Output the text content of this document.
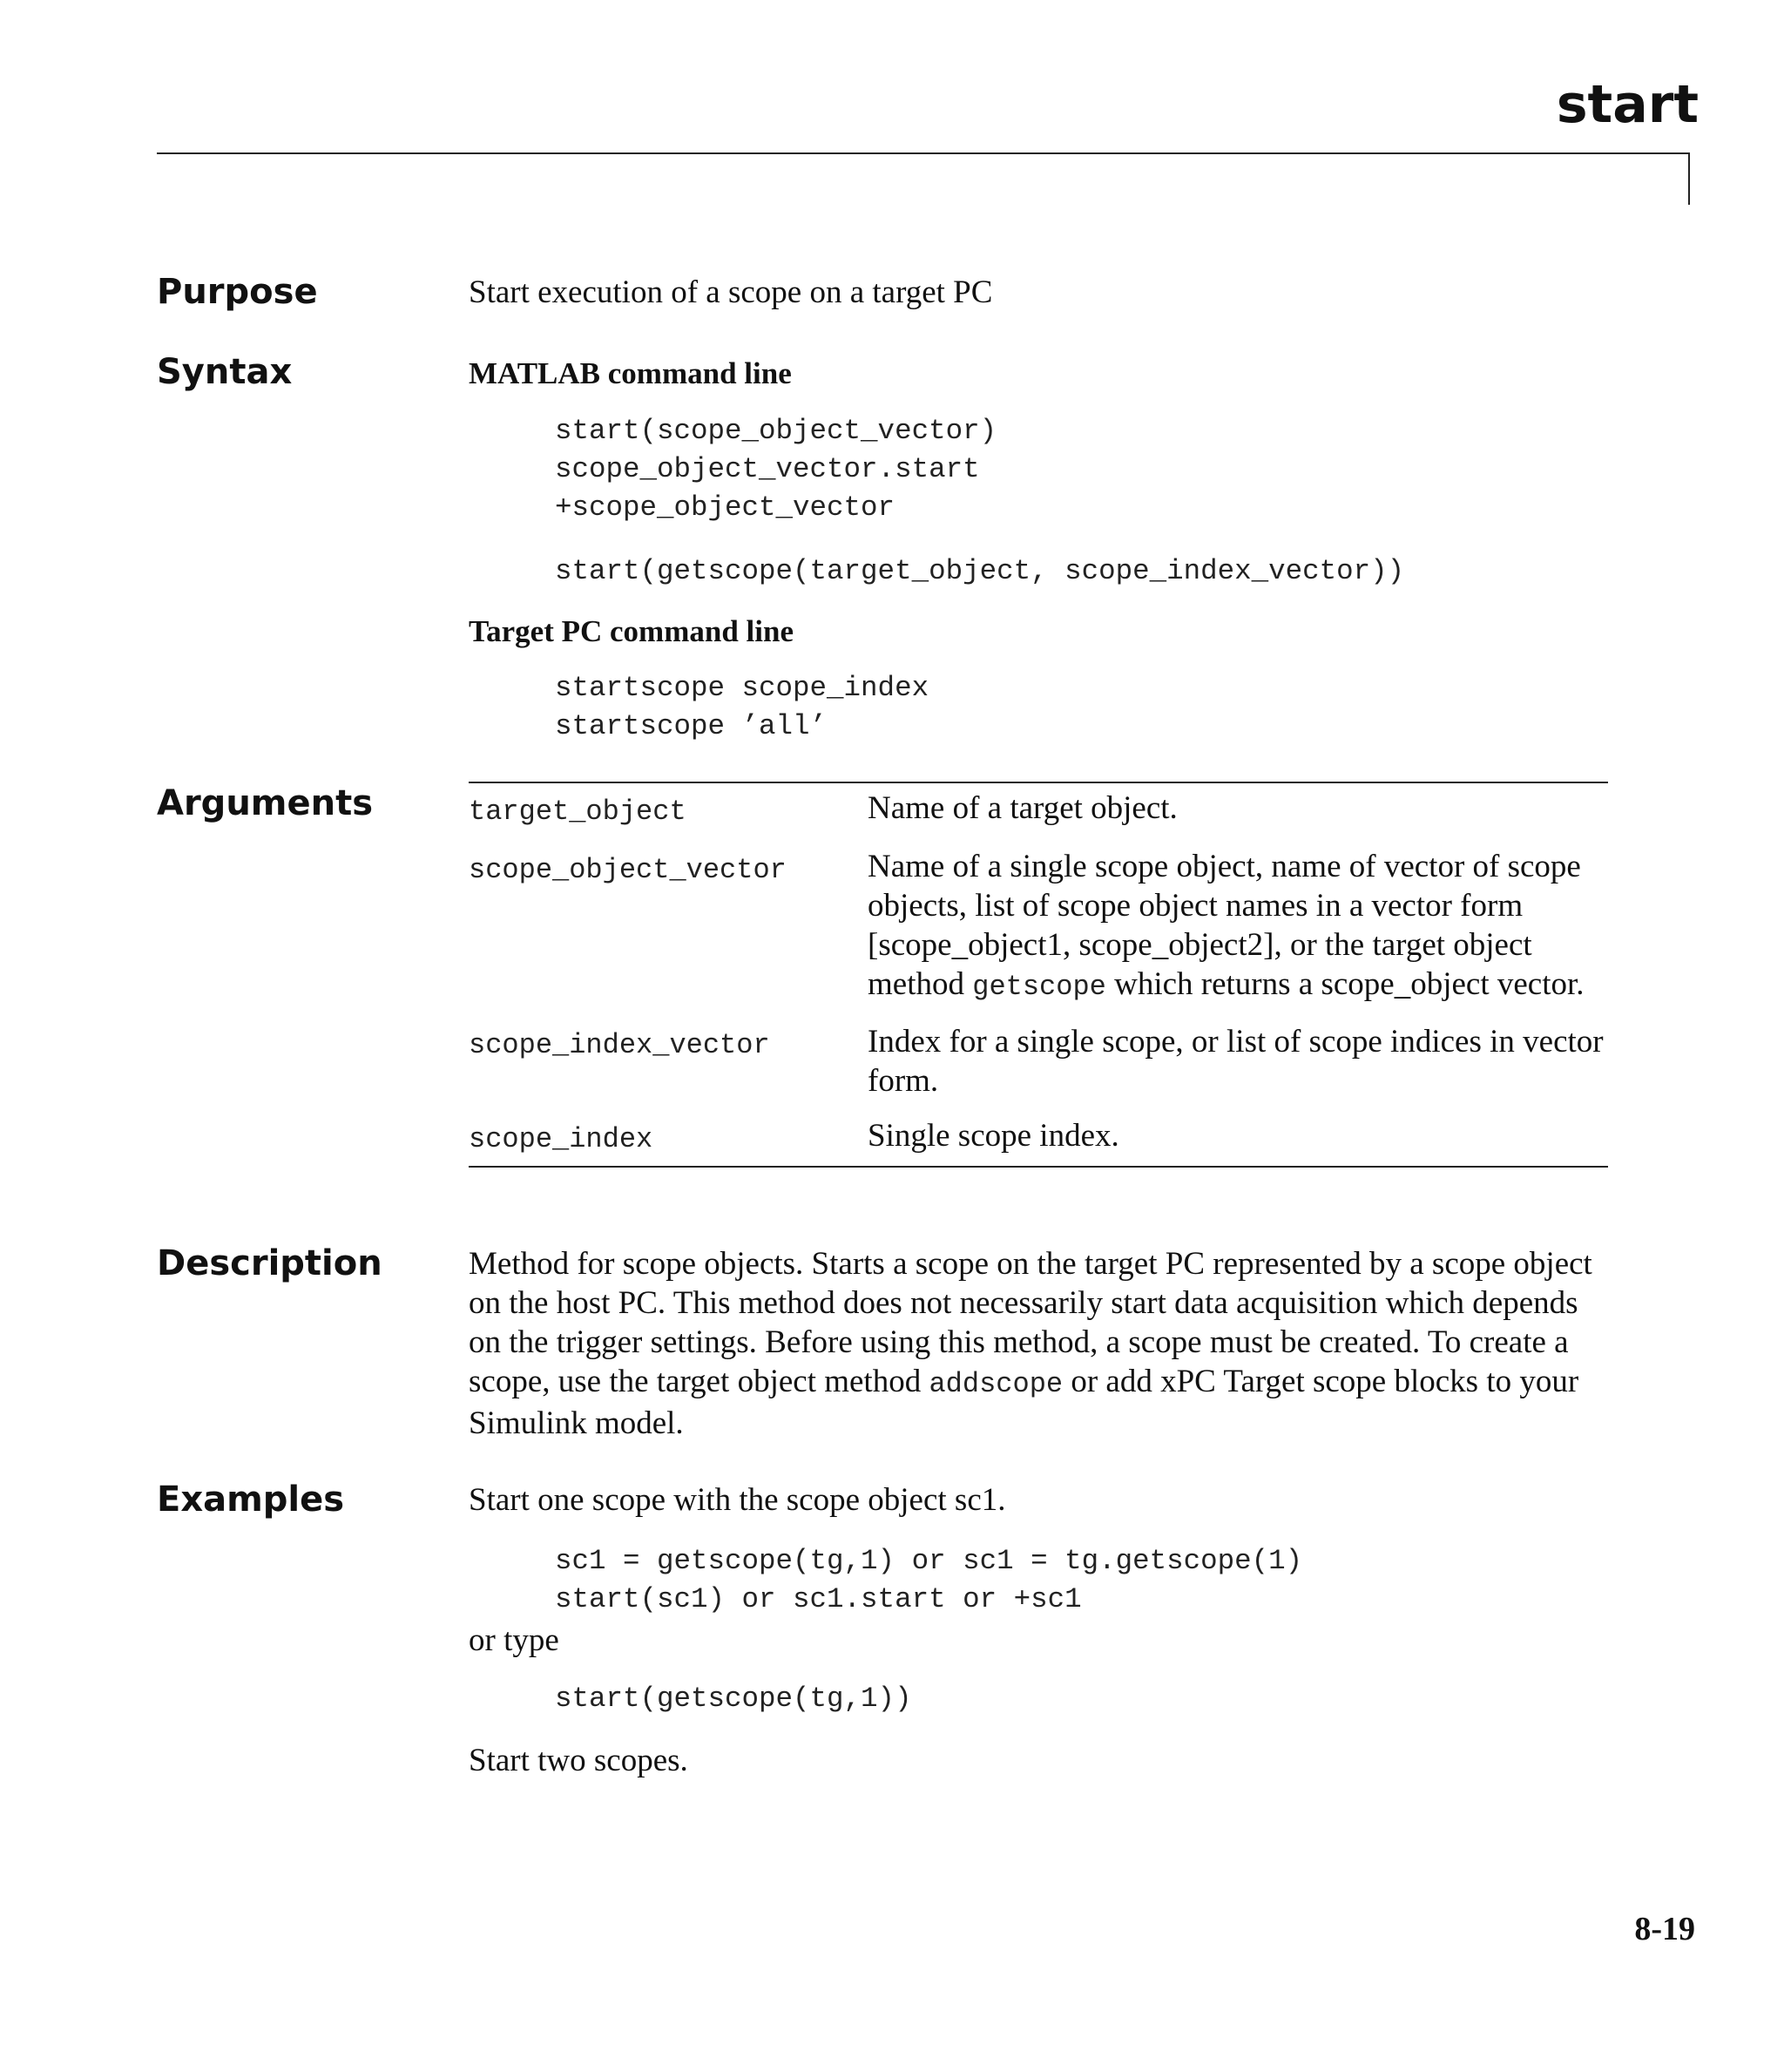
start
Purpose	Start execution of a scope on a target PC
Syntax	MATLAB command line
start(scope_object_vector)
scope_object_vector.start
+scope_object_vector
start(getscope(target_object, scope_index_vector))
Target PC command line
startscope scope_index
startscope ’all’
Arguments	target_object	Name of a target object.
scope_object_vector	Name of a single scope object, name of vector of scope objects, list of scope object names in a vector form [scope_object1, scope_object2], or the target object method getscope which returns a scope_object vector.
scope_index_vector	Index for a single scope, or list of scope indices in vector form.
scope_index	Single scope index.
Description	Method for scope objects. Starts a scope on the target PC represented by a scope object on the host PC. This method does not necessarily start data acquisition which depends on the trigger settings. Before using this method, a scope must be created. To create a scope, use the target object method addscope or add xPC Target scope blocks to your Simulink model.
Examples	Start one scope with the scope object sc1.
sc1 = getscope(tg,1) or sc1 = tg.getscope(1)
start(sc1) or sc1.start or +sc1
or type
start(getscope(tg,1))
Start two scopes.
8-19
